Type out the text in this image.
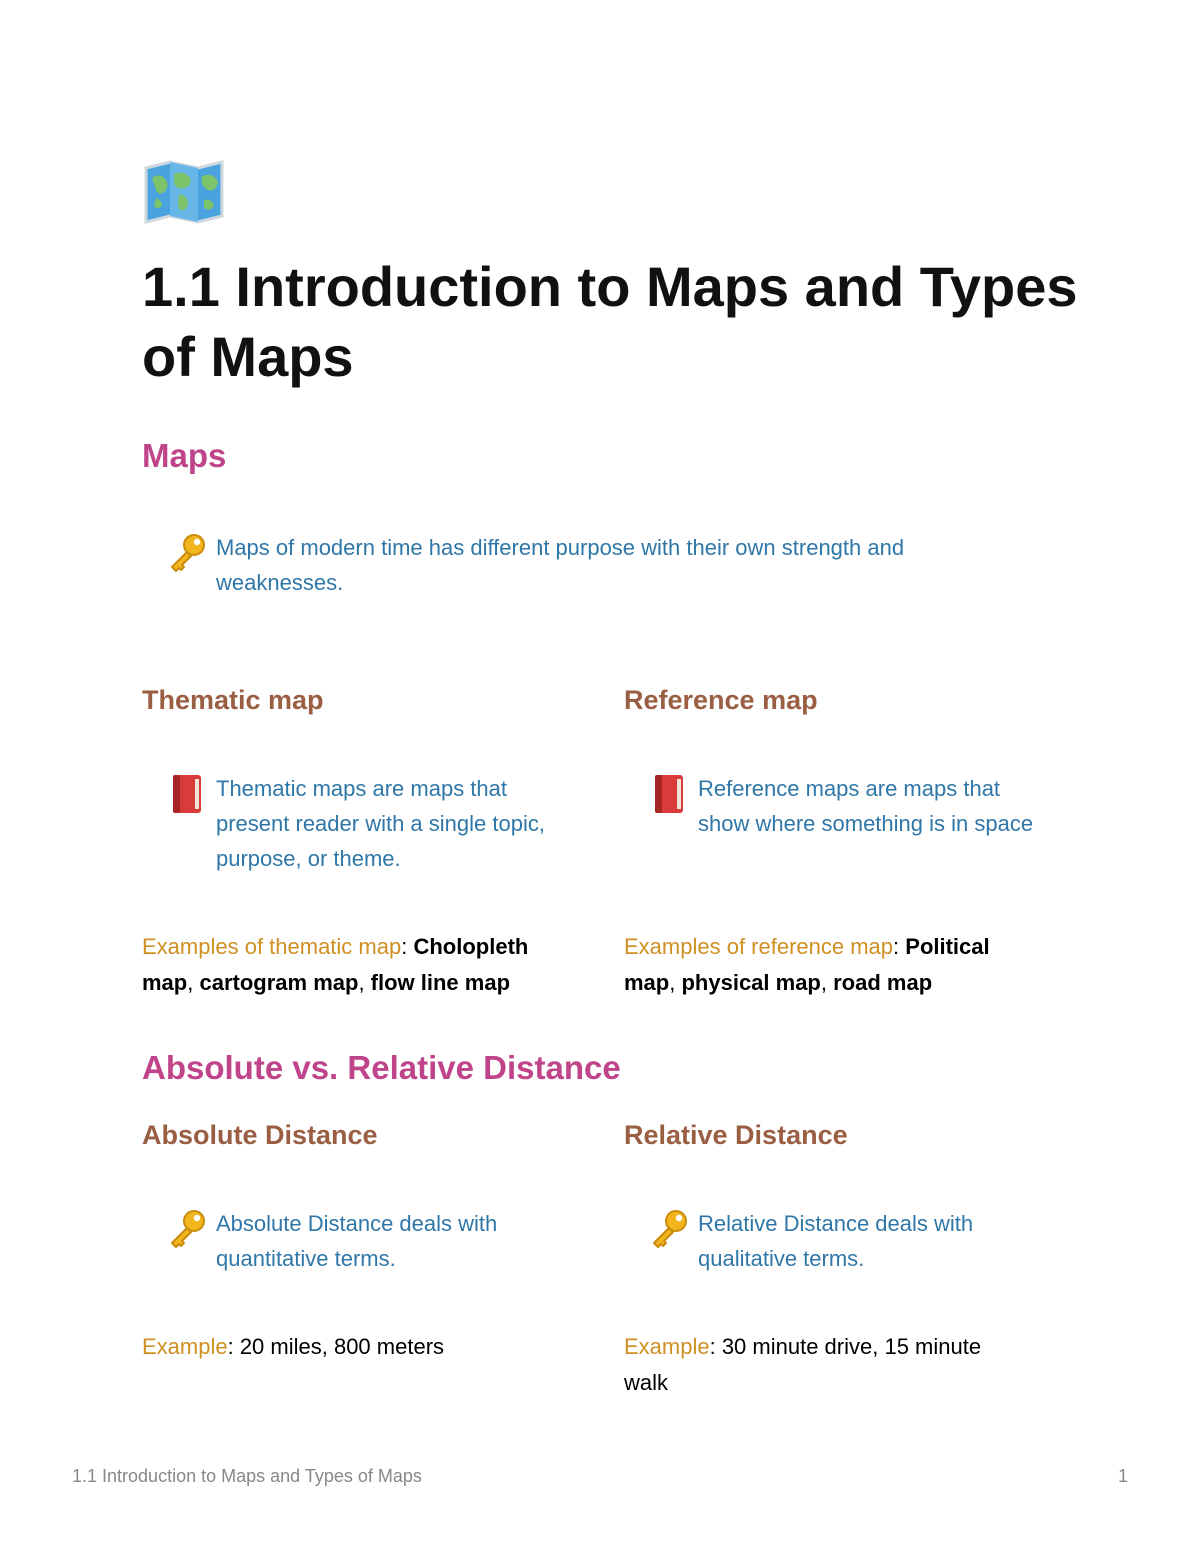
1.1 Introduction to Maps and Types of Maps
Maps
Maps of modern time has different purpose with their own strength and weaknesses.
Thematic map
Thematic maps are maps that present reader with a single topic, purpose, or theme.
Examples of thematic map: Cholopleth map, cartogram map, flow line map
Reference map
Reference maps are maps that show where something is in space
Examples of reference map: Political map, physical map, road map
Absolute vs. Relative Distance
Absolute Distance
Absolute Distance deals with quantitative terms.
Example: 20 miles, 800 meters
Relative Distance
Relative Distance deals with qualitative terms.
Example: 30 minute drive, 15 minute walk
1.1 Introduction to Maps and Types of Maps	1
